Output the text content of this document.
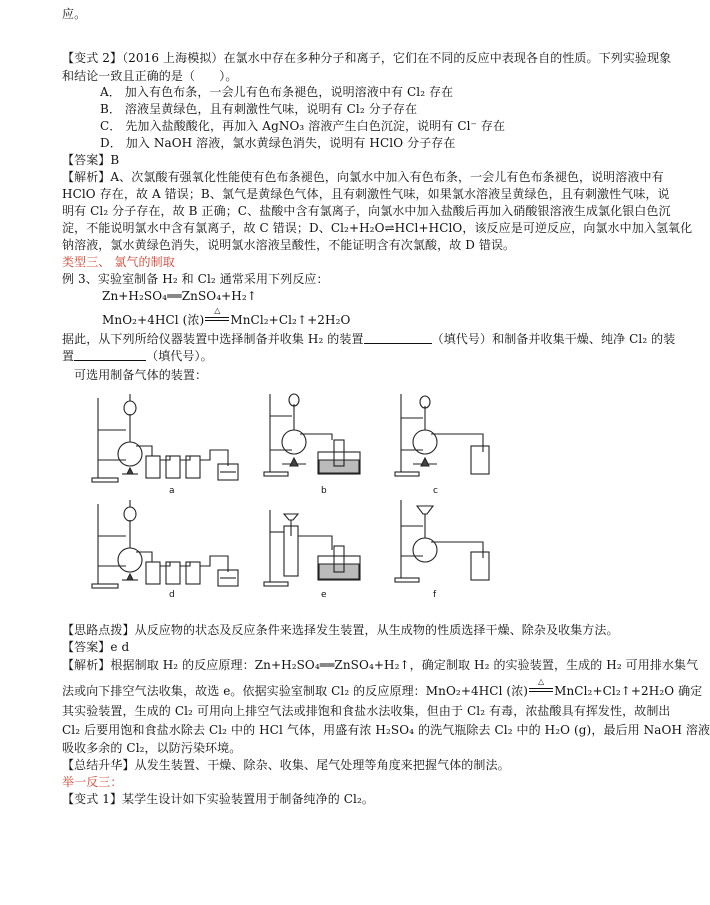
应。
【变式 2】（2016 上海模拟）在氯水中存在多种分子和离子，它们在不同的反应中表现各自的性质。下列实验现象
和结论一致且正确的是（　　）。
A． 加入有色布条，一会儿有色布条褪色，说明溶液中有 Cl₂ 存在
B． 溶液呈黄绿色，且有刺激性气味，说明有 Cl₂ 分子存在
C． 先加入盐酸酸化，再加入 AgNO₃ 溶液产生白色沉淀，说明有 Cl⁻ 存在
D． 加入 NaOH 溶液，氯水黄绿色消失，说明有 HClO 分子存在
【答案】B
【解析】A、次氯酸有强氧化性能使有色布条褪色，向氯水中加入有色布条，一会儿有色布条褪色，说明溶液中有
HClO 存在，故 A 错误；B、氯气是黄绿色气体，且有刺激性气味，如果氯水溶液呈黄绿色，且有刺激性气味，说
明有 Cl₂ 分子存在，故 B 正确；C、盐酸中含有氯离子，向氯水中加入盐酸后再加入硝酸银溶液生成氯化银白色沉
淀，不能说明氯水中含有氯离子，故 C 错误；D、Cl₂+H₂O⇌HCl+HClO，该反应是可逆反应，向氯水中加入氢氧化
钠溶液，氯水黄绿色消失，说明氯水溶液呈酸性，不能证明含有次氯酸，故 D 错误。
类型三、 氯气的制取
例 3、实验室制备 H₂ 和 Cl₂ 通常采用下列反应：
Zn+H₂SO₄══ZnSO₄+H₂↑
MnO₂+4HCl (浓)
△
MnCl₂+Cl₂↑+2H₂O
据此，从下列所给仪器装置中选择制备并收集 H₂ 的装置	（填代号）和制备并收集干燥、纯净 Cl₂ 的装
置	（填代号）。
可选用制备气体的装置：
a	b	c
d	e	f
【思路点拨】从反应物的状态及反应条件来选择发生装置，从生成物的性质选择干燥、除杂及收集方法。
【答案】e d
【解析】根据制取 H₂ 的反应原理：Zn+H₂SO₄══ZnSO₄+H₂↑，确定制取 H₂ 的实验装置，生成的 H₂ 可用排水集气
法或向下排空气法收集，故选 e。依据实验室制取 Cl₂ 的反应原理：MnO₂+4HCl (浓)
△
MnCl₂+Cl₂↑+2H₂O 确定
其实验装置，生成的 Cl₂ 可用向上排空气法或排饱和食盐水法收集，但由于 Cl₂ 有毒，浓盐酸具有挥发性，故制出
Cl₂ 后要用饱和食盐水除去 Cl₂ 中的 HCl 气体，用盛有浓 H₂SO₄ 的洗气瓶除去 Cl₂ 中的 H₂O (g)，最后用 NaOH 溶液
吸收多余的 Cl₂，以防污染环境。
【总结升华】从发生装置、干燥、除杂、收集、尾气处理等角度来把握气体的制法。
举一反三：
【变式 1】某学生设计如下实验装置用于制备纯净的 Cl₂。
